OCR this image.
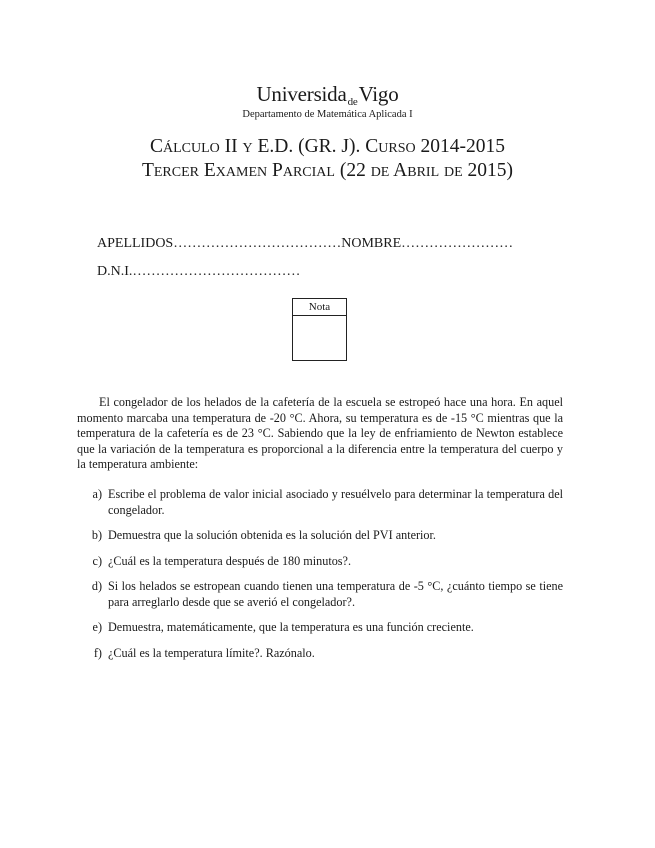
UniversidadeVigo
Departamento de Matemática Aplicada I
Cálculo II y E.D. (GR. J). Curso 2014-2015
Tercer Examen Parcial (22 de Abril de 2015)
APELLIDOS………………………………NOMBRE……………………
D.N.I.………………………………
Nota
El congelador de los helados de la cafetería de la escuela se estropeó hace una hora. En aquel momento marcaba una temperatura de -20 °C. Ahora, su temperatura es de -15 °C mientras que la temperatura de la cafetería es de 23 °C. Sabiendo que la ley de enfriamiento de Newton establece que la variación de la temperatura es proporcional a la diferencia entre la temperatura del cuerpo y la temperatura ambiente:
a) Escribe el problema de valor inicial asociado y resuélvelo para determinar la temperatura del congelador.
b) Demuestra que la solución obtenida es la solución del PVI anterior.
c) ¿Cuál es la temperatura después de 180 minutos?.
d) Si los helados se estropean cuando tienen una temperatura de -5 °C, ¿cuánto tiempo se tiene para arreglarlo desde que se averió el congelador?.
e) Demuestra, matemáticamente, que la temperatura es una función creciente.
f) ¿Cuál es la temperatura límite?. Razónalo.
